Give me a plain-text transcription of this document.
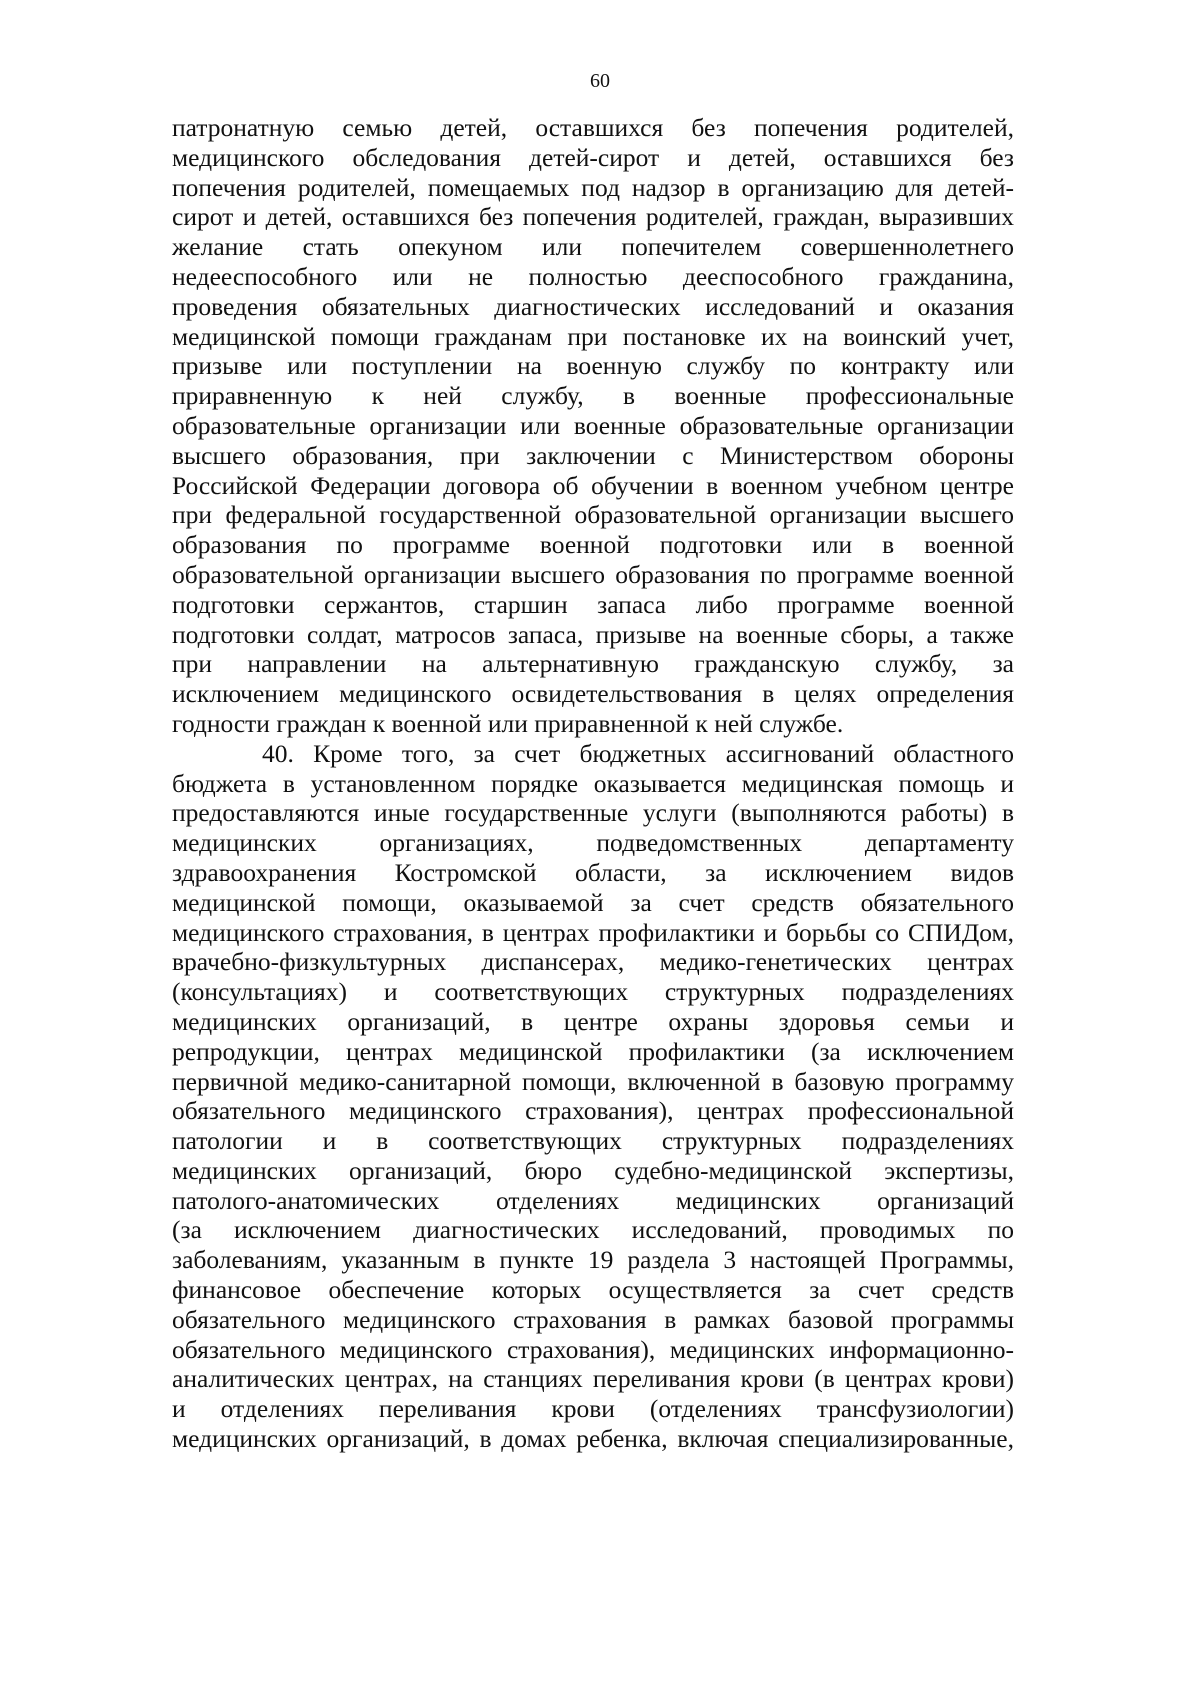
60
патронатную семью детей, оставшихся без попечения родителей,
медицинского обследования детей-сирот и детей, оставшихся без
попечения родителей, помещаемых под надзор в организацию для детей-
сирот и детей, оставшихся без попечения родителей, граждан, выразивших
желание стать опекуном или попечителем совершеннолетнего
недееспособного или не полностью дееспособного гражданина,
проведения обязательных диагностических исследований и оказания
медицинской помощи гражданам при постановке их на воинский учет,
призыве или поступлении на военную службу по контракту или
приравненную к ней службу, в военные профессиональные
образовательные организации или военные образовательные организации
высшего образования, при заключении с Министерством обороны
Российской Федерации договора об обучении в военном учебном центре
при федеральной государственной образовательной организации высшего
образования по программе военной подготовки или в военной
образовательной организации высшего образования по программе военной
подготовки сержантов, старшин запаса либо программе военной
подготовки солдат, матросов запаса, призыве на военные сборы, а также
при направлении на альтернативную гражданскую службу, за
исключением медицинского освидетельствования в целях определения
годности граждан к военной или приравненной к ней службе.
40. Кроме того, за счет бюджетных ассигнований областного
бюджета в установленном порядке оказывается медицинская помощь и
предоставляются иные государственные услуги (выполняются работы) в
медицинских организациях, подведомственных департаменту
здравоохранения Костромской области, за исключением видов
медицинской помощи, оказываемой за счет средств обязательного
медицинского страхования, в центрах профилактики и борьбы со СПИДом,
врачебно-физкультурных диспансерах, медико-генетических центрах
(консультациях) и соответствующих структурных подразделениях
медицинских организаций, в центре охраны здоровья семьи и
репродукции, центрах медицинской профилактики (за исключением
первичной медико-санитарной помощи, включенной в базовую программу
обязательного медицинского страхования), центрах профессиональной
патологии и в соответствующих структурных подразделениях
медицинских организаций, бюро судебно-медицинской экспертизы,
патолого-анатомических отделениях медицинских организаций
(за исключением диагностических исследований, проводимых по
заболеваниям, указанным в пункте 19 раздела 3 настоящей Программы,
финансовое обеспечение которых осуществляется за счет средств
обязательного медицинского страхования в рамках базовой программы
обязательного медицинского страхования), медицинских информационно-
аналитических центрах, на станциях переливания крови (в центрах крови)
и отделениях переливания крови (отделениях трансфузиологии)
медицинских организаций, в домах ребенка, включая специализированные,
